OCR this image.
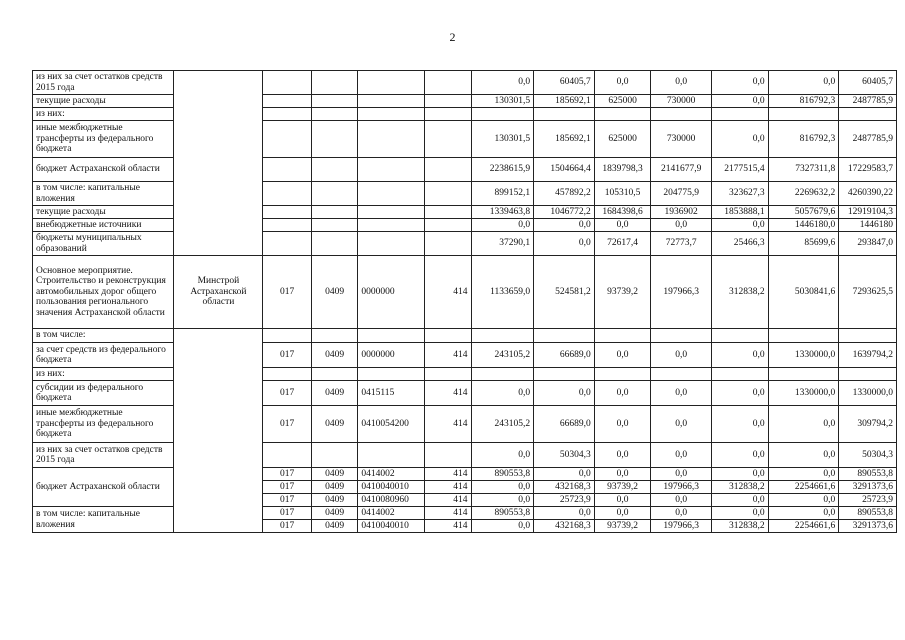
2
из них за счет остатков средств 2015 года						0,0	60405,7	0,0	0,0	0,0	0,0	60405,7
текущие расходы						130301,5	185692,1	625000	730000	0,0	816792,3	2487785,9
из них:												
иные межбюджетные трансферты из федерального бюджета						130301,5	185692,1	625000	730000	0,0	816792,3	2487785,9
бюджет Астраханской области						2238615,9	1504664,4	1839798,3	2141677,9	2177515,4	7327311,8	17229583,7
в том числе: капитальные вложения						899152,1	457892,2	105310,5	204775,9	323627,3	2269632,2	4260390,22
текущие расходы						1339463,8	1046772,2	1684398,6	1936902	1853888,1	5057679,6	12919104,3
внебюджетные источники						0,0	0,0	0,0	0,0	0,0	1446180,0	1446180
бюджеты муниципальных образований						37290,1	0,0	72617,4	72773,7	25466,3	85699,6	293847,0
Основное мероприятие. Строительство и реконструкция автомобильных дорог общего пользования регионального значения Астраханской области	Минстрой Астраханской области	017	0409	0000000	414	1133659,0	524581,2	93739,2	197966,3	312838,2	5030841,6	7293625,5
в том числе:												
за счет средств из федерального бюджета		017	0409	0000000	414	243105,2	66689,0	0,0	0,0	0,0	1330000,0	1639794,2
из них:												
субсидии из федерального бюджета		017	0409	0415115	414	0,0	0,0	0,0	0,0	0,0	1330000,0	1330000,0
иные межбюджетные трансферты из федерального бюджета		017	0409	0410054200	414	243105,2	66689,0	0,0	0,0	0,0	0,0	309794,2
из них за счет остатков средств 2015 года						0,0	50304,3	0,0	0,0	0,0	0,0	50304,3
бюджет Астраханской области		017	0409	0414002	414	890553,8	0,0	0,0	0,0	0,0	0,0	890553,8
		017	0409	0410040010	414	0,0	432168,3	93739,2	197966,3	312838,2	2254661,6	3291373,6
		017	0409	0410080960	414	0,0	25723,9	0,0	0,0	0,0	0,0	25723,9
в том числе: капитальные вложения		017	0409	0414002	414	890553,8	0,0	0,0	0,0	0,0	0,0	890553,8
		017	0409	0410040010	414	0,0	432168,3	93739,2	197966,3	312838,2	2254661,6	3291373,6
